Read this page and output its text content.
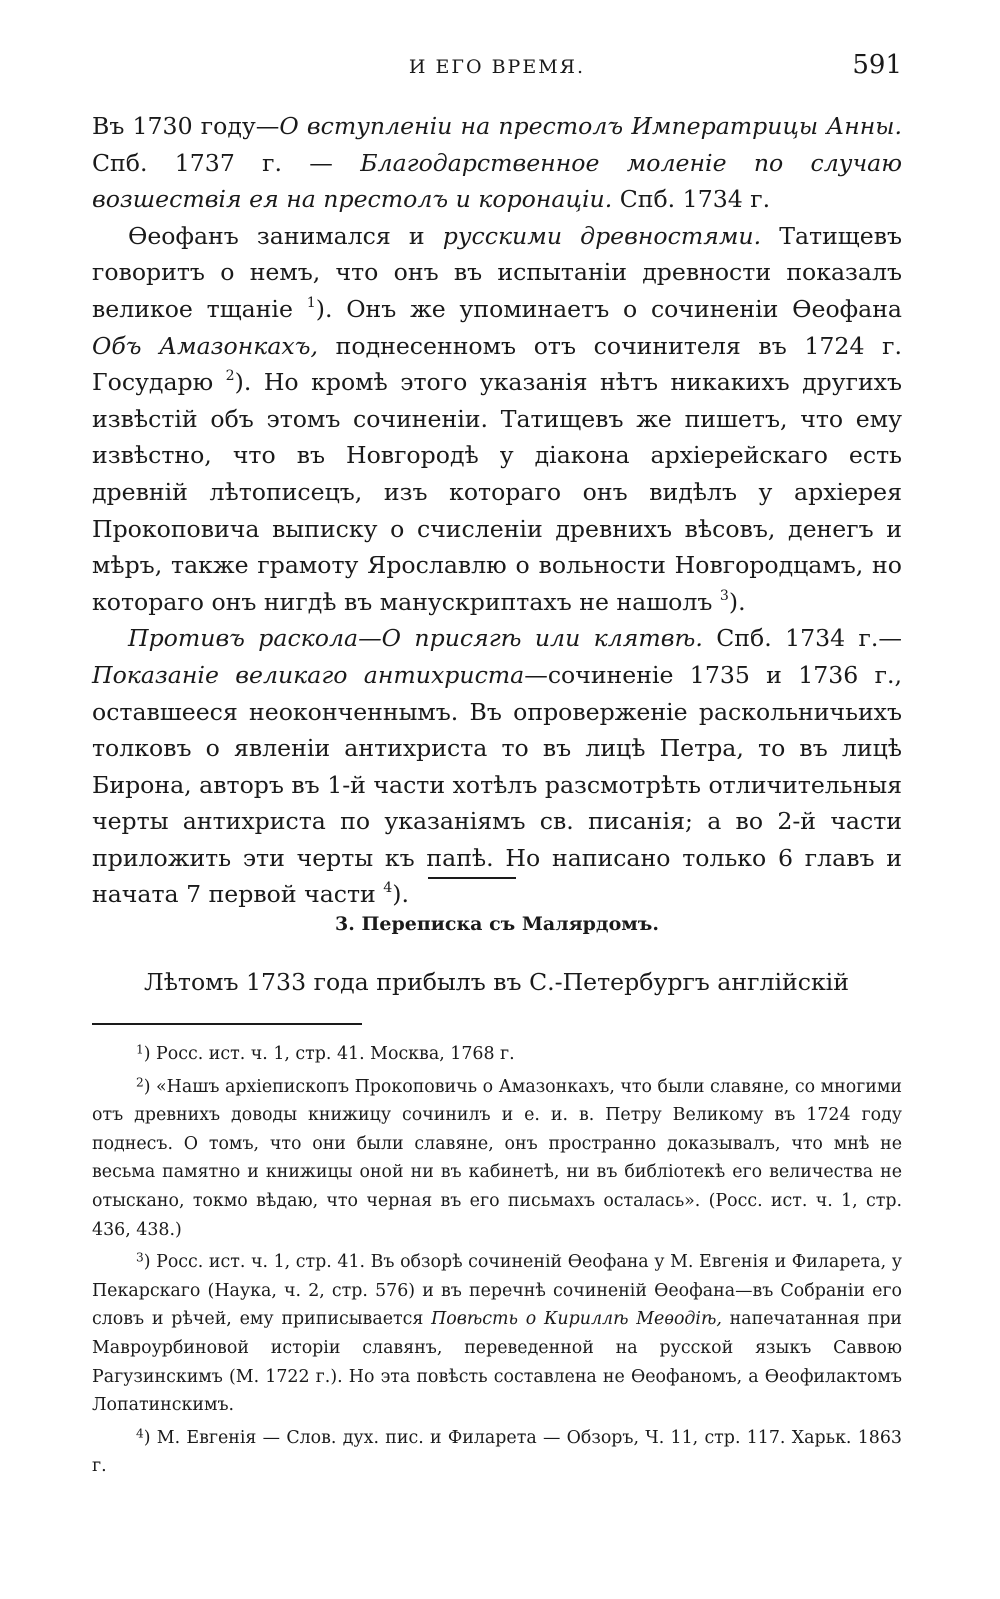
И ЕГО ВРЕМЯ.	591

Въ 1730 году—О вступленіи на престолъ Императрицы Анны. Спб. 1737 г. — Благодарственное моленіе по случаю возшествія ея на престолъ и коронаціи. Спб. 1734 г.

Ѳеофанъ занимался и русскими древностями. Татищевъ говоритъ о немъ, что онъ въ испытаніи древности показалъ великое тщаніе $^1$). Онъ же упоминаетъ о сочиненіи Ѳеофана Объ Амазонкахъ, поднесенномъ отъ сочинителя въ 1724 г. Государю $^2$). Но кромѣ этого указанія нѣтъ никакихъ другихъ извѣстій объ этомъ сочиненіи. Татищевъ же пишетъ, что ему извѣстно, что въ Новгородѣ у діакона архіерейскаго есть древній лѣтописецъ, изъ котораго онъ видѣлъ у архіерея Прокоповича выписку о счисленіи древнихъ вѣсовъ, денегъ и мѣръ, также грамоту Ярославлю о вольности Новгородцамъ, но котораго онъ нигдѣ въ манускриптахъ не нашолъ $^3$).

Противъ раскола—О присягѣ или клятвѣ. Спб. 1734 г.—Показаніе великаго антихриста—сочиненіе 1735 и 1736 г., оставшееся неоконченнымъ. Въ опроверженіе раскольничьихъ толковъ о явленіи антихриста то въ лицѣ Петра, то въ лицѣ Бирона, авторъ въ 1-й части хотѣлъ разсмотрѣть отличительныя черты антихриста по указаніямъ св. писанія; а во 2-й части приложить эти черты къ папѣ. Но написано только 6 главъ и начата 7 первой части $^4$).

3. Переписка съ Малярдомъ.
Лѣтомъ 1733 года прибылъ въ С.-Петербургъ англійскій

$^1$) Росс. ист. ч. 1, стр. 41. Москва, 1768 г.

$^2$) «Нашъ архіепископъ Прокоповичь о Амазонкахъ, что были славяне, со многими отъ древнихъ доводы книжицу сочинилъ и е. и. в. Петру Великому въ 1724 году поднесъ. О томъ, что они были славяне, онъ пространно доказывалъ, что мнѣ не весьма памятно и книжицы оной ни въ кабинетѣ, ни въ библіотекѣ его величества не отыскано, токмо вѣдаю, что черная въ его письмахъ осталась». (Росс. ист. ч. 1, стр. 436, 438.)

$^3$) Росс. ист. ч. 1, стр. 41. Въ обзорѣ сочиненій Ѳеофана у М. Евгенія и Филарета, у Пекарскаго (Наука, ч. 2, стр. 576) и въ перечнѣ сочиненій Ѳеофана—въ Собраніи его словъ и рѣчей, ему приписывается Повѣсть о Кириллѣ Меѳодіѣ, напечатанная при Мавроурбиновой исторіи славянъ, переведенной на русской языкъ Саввою Рагузинскимъ (М. 1722 г.). Но эта повѣсть составлена не Ѳеофаномъ, а Ѳеофилактомъ Лопатинскимъ.

$^4$) М. Евгенія — Слов. дух. пис. и Филарета — Обзоръ, Ч. 11, стр. 117. Харьк. 1863 г.
